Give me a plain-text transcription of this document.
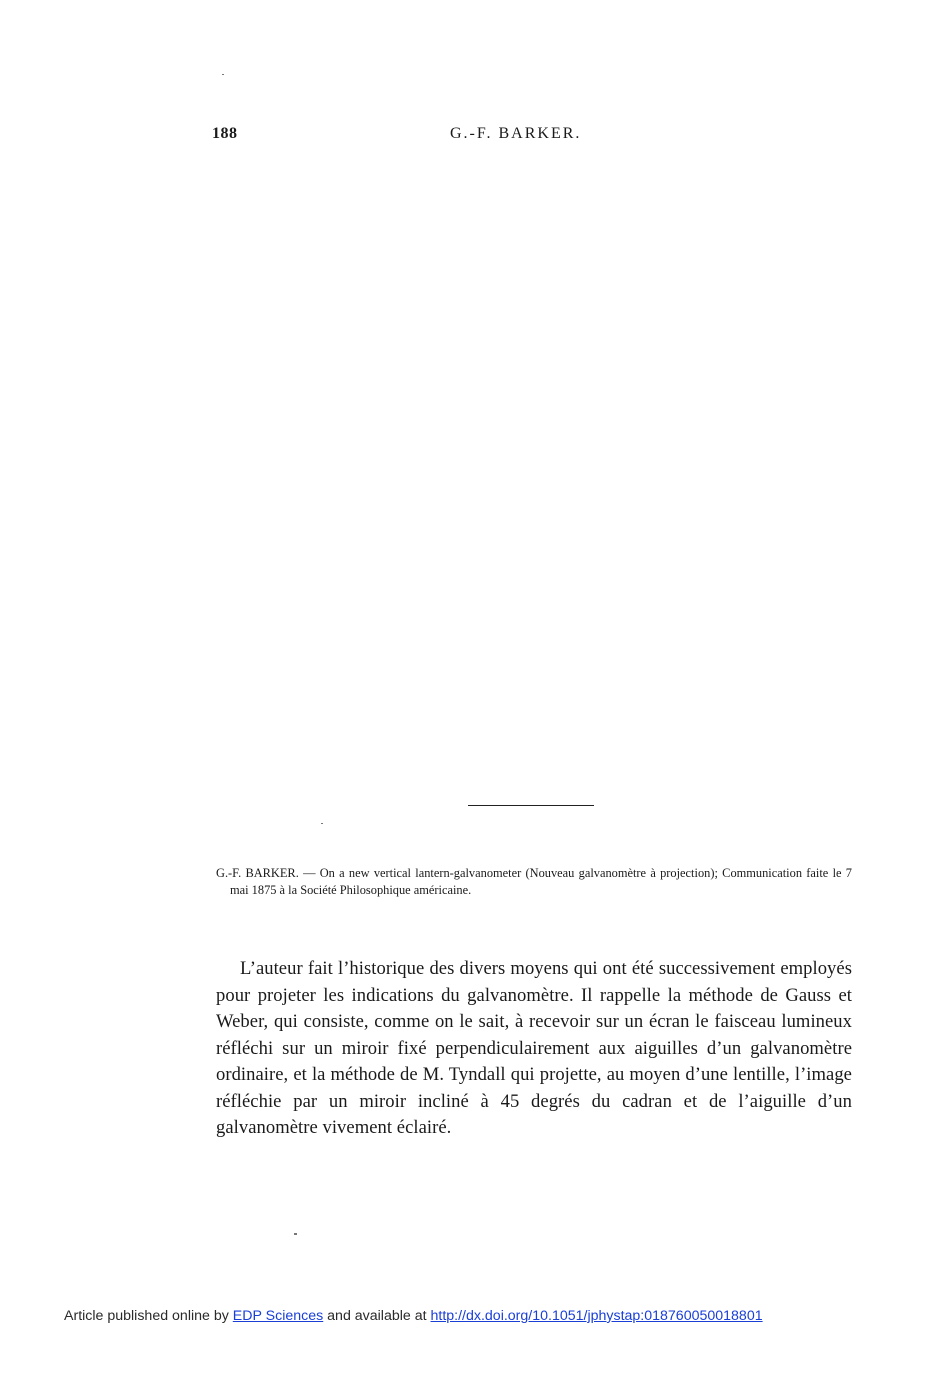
188	G.-F. BARKER.
G.-F. BARKER. — On a new vertical lantern-galvanometer (Nouveau galvanomètre à projection); Communication faite le 7 mai 1875 à la Société Philosophique américaine.

L’auteur fait l’historique des divers moyens qui ont été successivement employés pour projeter les indications du galvanomètre. Il rappelle la méthode de Gauss et Weber, qui consiste, comme on le sait, à recevoir sur un écran le faisceau lumineux réfléchi sur un miroir fixé perpendiculairement aux aiguilles d’un galvanomètre ordinaire, et la méthode de M. Tyndall qui projette, au moyen d’une lentille, l’image réfléchie par un miroir incliné à 45 degrés du cadran et de l’aiguille d’un galvanomètre vivement éclairé.

Article published online by EDP Sciences and available at http://dx.doi.org/10.1051/jphystap:018760050018801
